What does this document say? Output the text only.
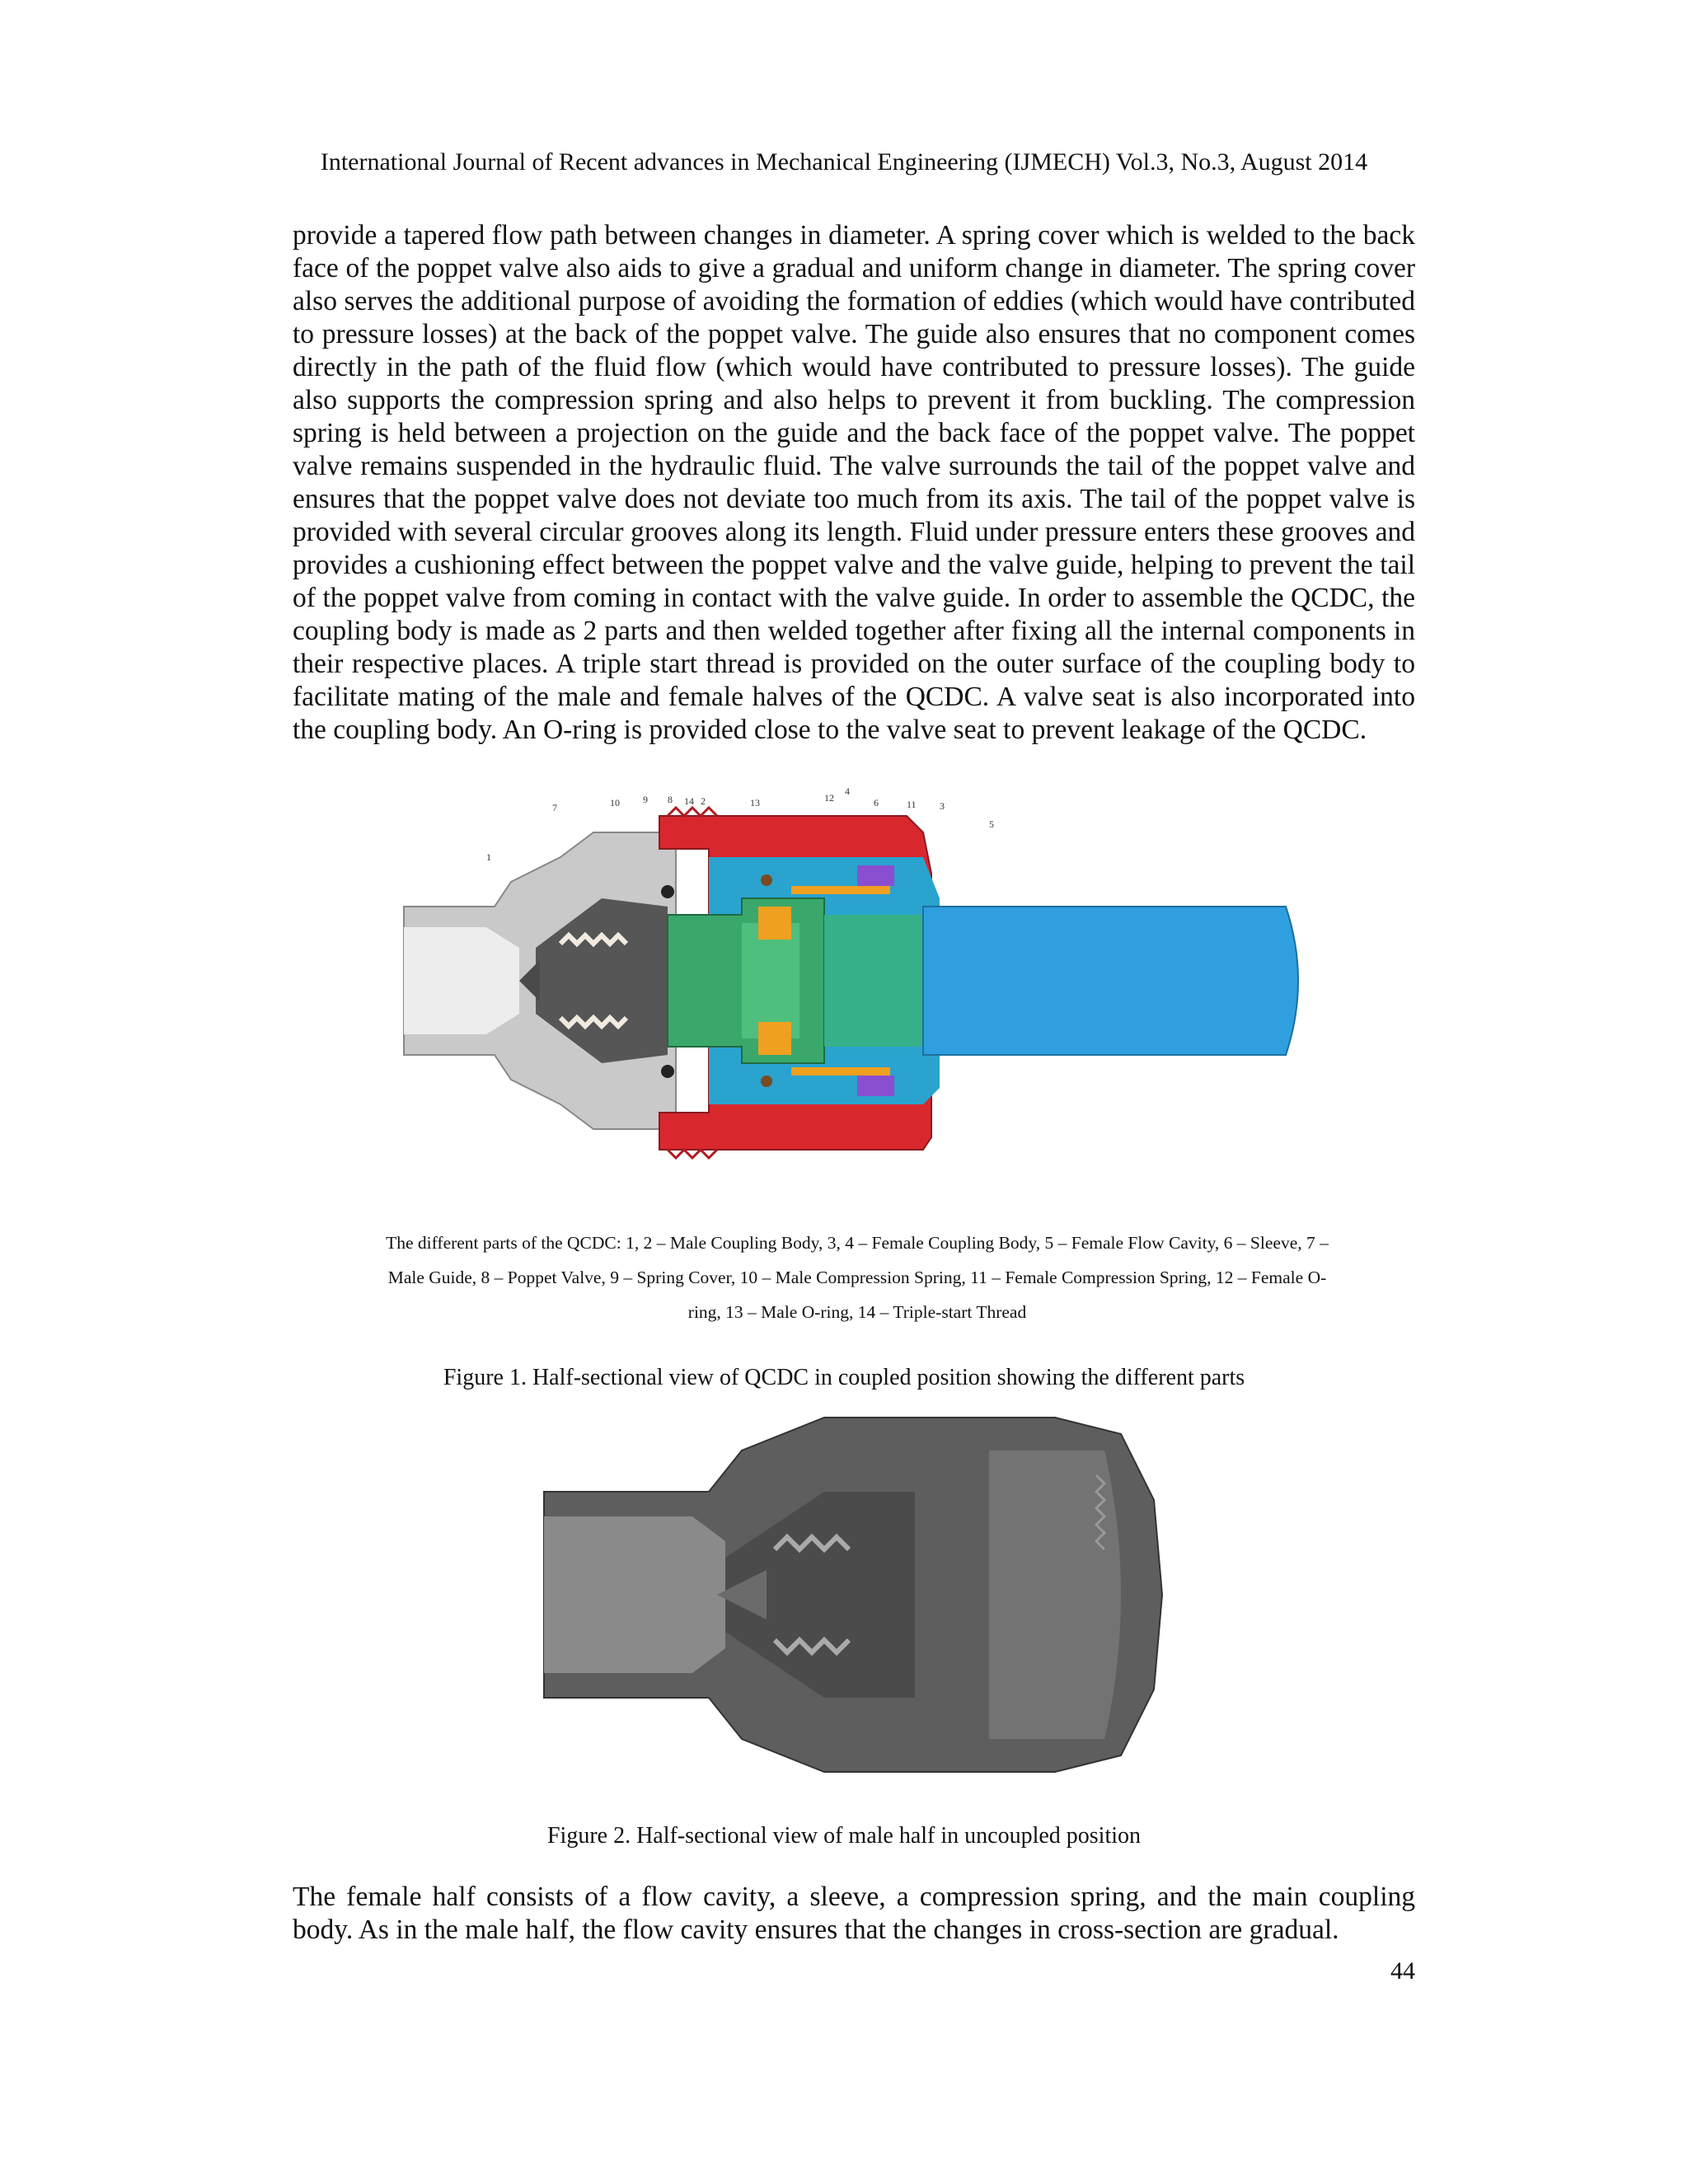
International Journal of Recent advances in Mechanical Engineering (IJMECH) Vol.3, No.3, August 2014

provide a tapered flow path between changes in diameter. A spring cover which is welded to the back face of the poppet valve also aids to give a gradual and uniform change in diameter. The spring cover also serves the additional purpose of avoiding the formation of eddies (which would have contributed to pressure losses) at the back of the poppet valve. The guide also ensures that no component comes directly in the path of the fluid flow (which would have contributed to pressure losses). The guide also supports the compression spring and also helps to prevent it from buckling. The compression spring is held between a projection on the guide and the back face of the poppet valve. The poppet valve remains suspended in the hydraulic fluid. The valve surrounds the tail of the poppet valve and ensures that the poppet valve does not deviate too much from its axis. The tail of the poppet valve is provided with several circular grooves along its length. Fluid under pressure enters these grooves and provides a cushioning effect between the poppet valve and the valve guide, helping to prevent the tail of the poppet valve from coming in contact with the valve guide. In order to assemble the QCDC, the coupling body is made as 2 parts and then welded together after fixing all the internal components in their respective places. A triple start thread is provided on the outer surface of the coupling body to facilitate mating of the male and female halves of the QCDC. A valve seat is also incorporated into the coupling body. An O-ring is provided close to the valve seat to prevent leakage of the QCDC.

1
7	10 9 8 14 2	13	12
4
6	11 3
5
The different parts of the QCDC: 1, 2 – Male Coupling Body, 3, 4 – Female Coupling Body, 5 – Female Flow Cavity, 6 – Sleeve, 7 – Male Guide, 8 – Poppet Valve, 9 – Spring Cover, 10 – Male Compression Spring, 11 – Female Compression Spring, 12 – Female O-ring, 13 – Male O-ring, 14 – Triple-start Thread
Figure 1. Half-sectional view of QCDC in coupled position showing the different parts
Figure 2. Half-sectional view of male half in uncoupled position

The female half consists of a flow cavity, a sleeve, a compression spring, and the main coupling body. As in the male half, the flow cavity ensures that the changes in cross-section are gradual.

44
